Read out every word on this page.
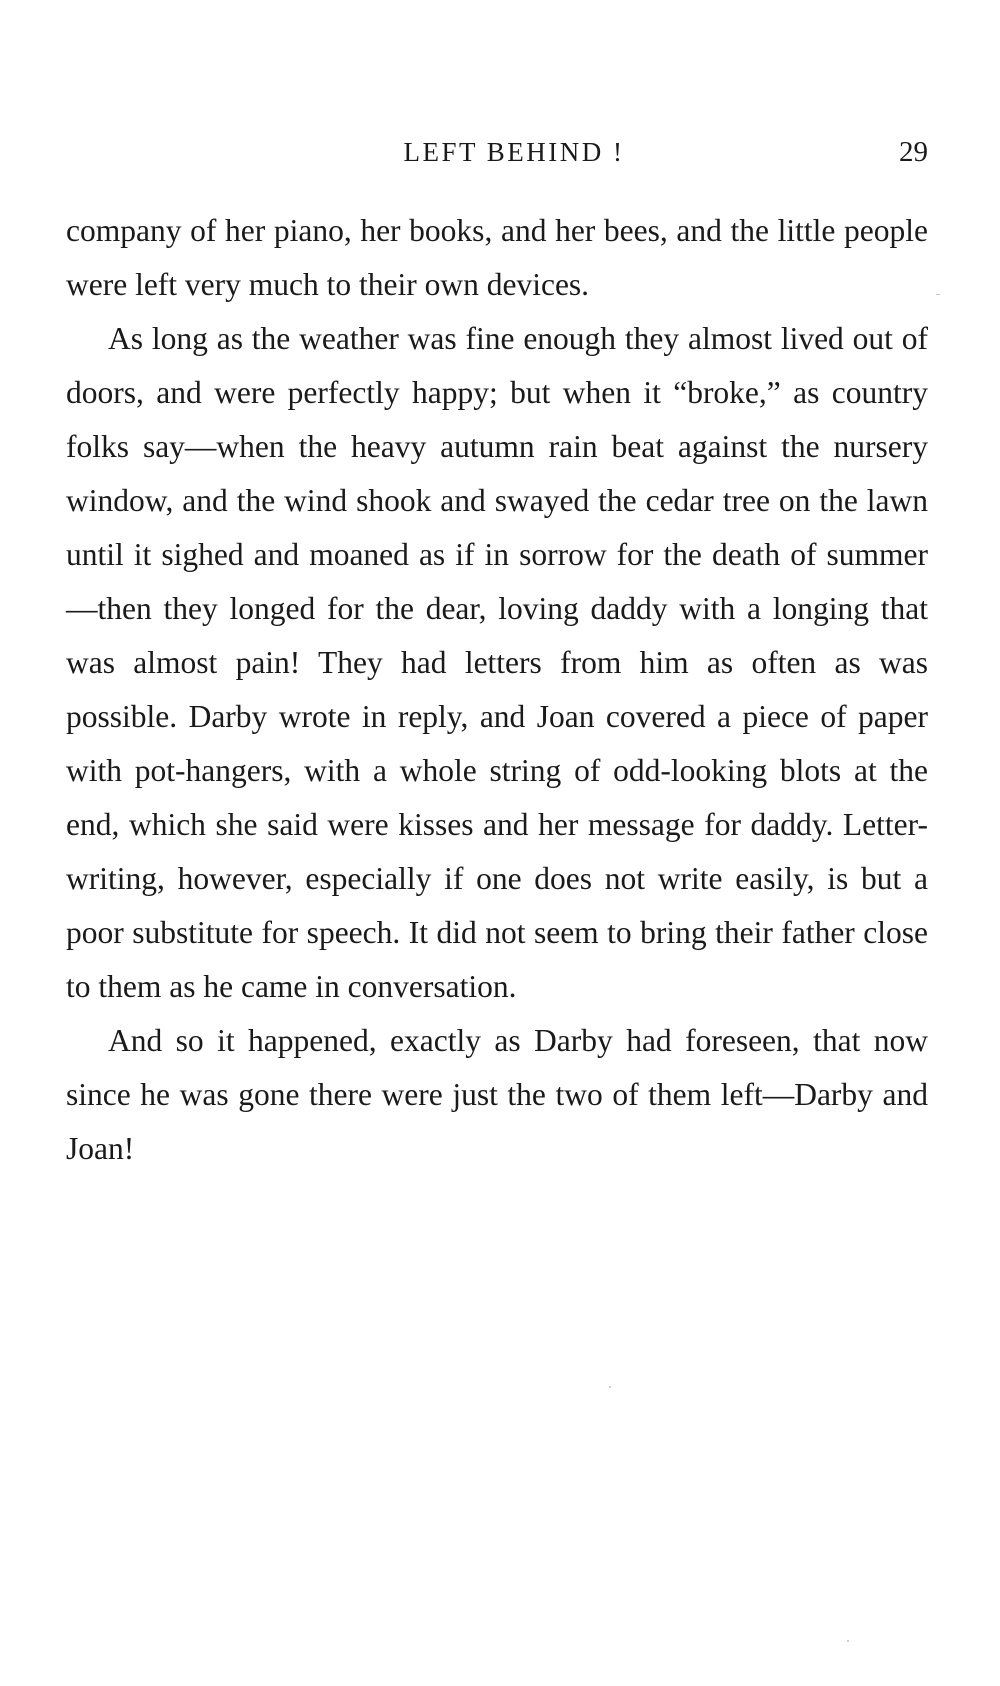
LEFT BEHIND !	29

company of her piano, her books, and her bees, and the little people were left very much to their own devices.

As long as the weather was fine enough they almost lived out of doors, and were perfectly happy; but when it “broke,” as country folks say—when the heavy autumn rain beat against the nursery window, and the wind shook and swayed the cedar tree on the lawn until it sighed and moaned as if in sorrow for the death of summer—then they longed for the dear, loving daddy with a longing that was almost pain! They had letters from him as often as was possible. Darby wrote in reply, and Joan covered a piece of paper with pot-hangers, with a whole string of odd-looking blots at the end, which she said were kisses and her message for daddy. Letter-writing, however, especially if one does not write easily, is but a poor substitute for speech. It did not seem to bring their father close to them as he came in conversation.

And so it happened, exactly as Darby had foreseen, that now since he was gone there were just the two of them left—Darby and Joan!
